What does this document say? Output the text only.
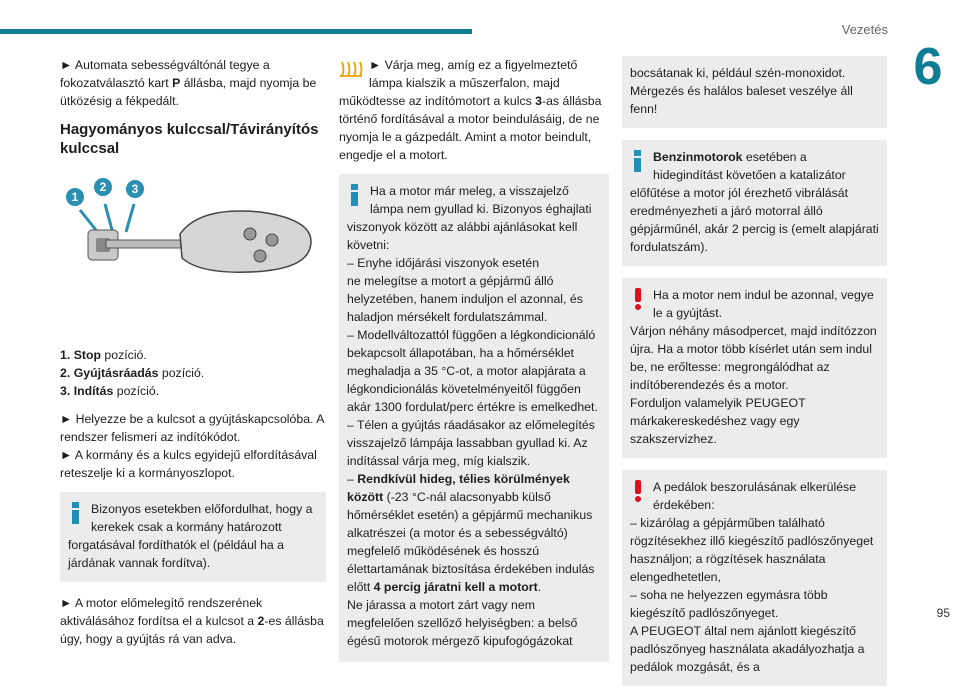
Vezetés
6

► Automata sebességváltónál tegye a fokozatválasztó kart P állásba, majd nyomja be ütközésig a fékpedált.

Hagyományos kulccsal/Távirányítós kulccsal
1
2	3
1. Stop pozíció.
2. Gyújtásráadás pozíció.
3. Indítás pozíció.

► Helyezze be a kulcsot a gyújtáskapcsolóba. A rendszer felismeri az indítókódot.

► A kormány és a kulcs egyidejű elfordításával reteszelje ki a kormányoszlopot.

Bizonyos esetekben előfordulhat, hogy a kerekek csak a kormány határozott
forgatásával fordíthatók el (például ha a járdának vannak fordítva).

► A motor előmelegítő rendszerének aktiválásához fordítsa el a kulcsot a 2-es állásba úgy, hogy a gyújtás rá van adva.

► Várja meg, amíg ez a figyelmeztető lámpa kialszik a műszerfalon, majd

működtesse az indítómotort a kulcs 3-as állásba történő fordításával a motor beindulásáig, de ne nyomja le a gázpedált. Amint a motor beindult, engedje el a motort.

Ha a motor már meleg, a visszajelző lámpa nem gyullad ki. Bizonyos éghajlati
viszonyok között az alábbi ajánlásokat kell követni:
– Enyhe időjárási viszonyok esetén
ne melegítse a motort a gépjármű álló helyzetében, hanem induljon el azonnal, és haladjon mérsékelt fordulatszámmal.
– Modellváltozattól függően a légkondicionáló bekapcsolt állapotában, ha a hőmérséklet meghaladja a 35 °C-ot, a motor alapjárata a légkondicionálás követelményeitől függően akár 1300 fordulat/perc értékre is emelkedhet.
– Télen a gyújtás ráadásakor az előmelegítés visszajelző lámpája lassabban gyullad ki. Az indítással várja meg, míg kialszik.
– Rendkívül hideg, télies körülmények között (-23 °C-nál alacsonyabb külső hőmérséklet esetén) a gépjármű mechanikus alkatrészei (a motor és a sebességváltó) megfelelő működésének és hosszú élettartamának biztosítása érdekében indulás előtt 4 percig járatni kell a motort.
Ne járassa a motort zárt vagy nem megfelelően szellőző helyiségben: a belső égésű motorok mérgező kipufogógázokat
bocsátanak ki, például szén-monoxidot. Mérgezés és halálos baleset veszélye áll fenn!
Benzinmotorok esetében a hidegindítást követően a katalizátor
előfűtése a motor jól érezhető vibrálását eredményezheti a járó motorral álló gépjárműnél, akár 2 percig is (emelt alapjárati fordulatszám).
Ha a motor nem indul be azonnal, vegye le a gyújtást.
Várjon néhány másodpercet, majd indítózzon újra. Ha a motor több kísérlet után sem indul be, ne erőltesse: megrongálódhat az indítóberendezés és a motor.
Forduljon valamelyik PEUGEOT márkakereskedéshez vagy egy szakszervizhez.
A pedálok beszorulásának elkerülése érdekében:
– kizárólag a gépjárműben található rögzítésekhez illő kiegészítő padlószőnyeget használjon; a rögzítések használata elengedhetetlen,
– soha ne helyezzen egymásra több kiegészítő padlószőnyeget.
A PEUGEOT által nem ajánlott kiegészítő padlószőnyeg használata akadályozhatja a pedálok mozgását, és a
95
